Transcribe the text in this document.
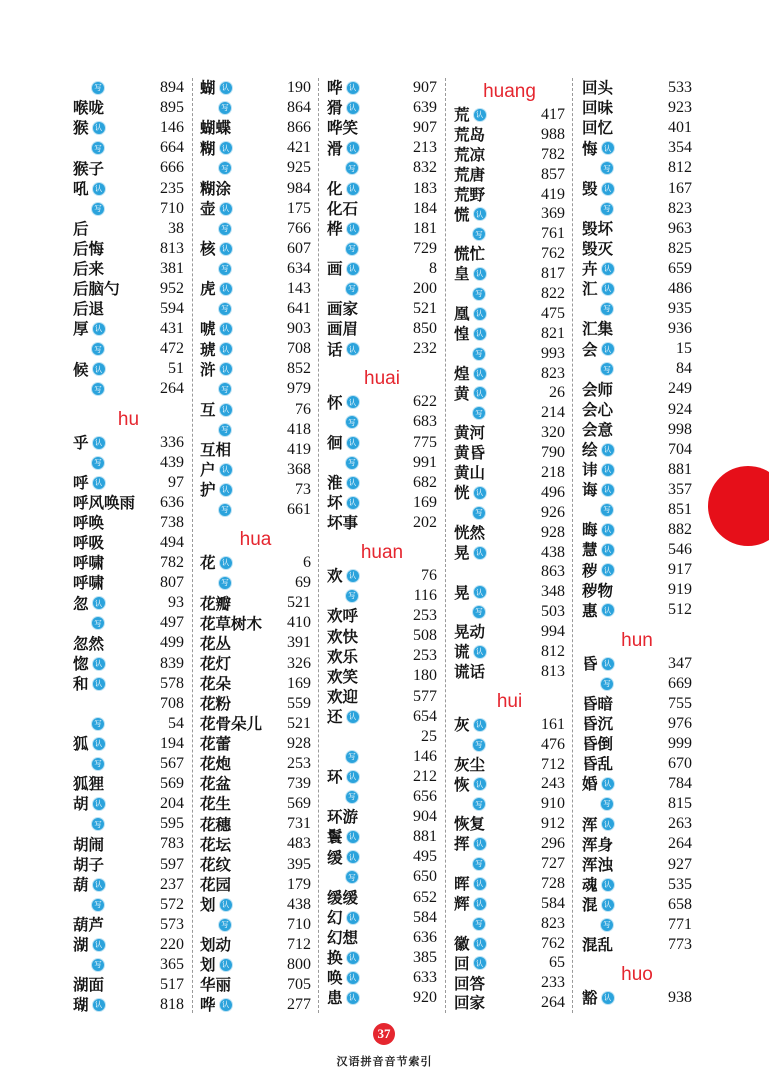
写	894
喉咙	895
猴 认	146
写	664
猴子	666
吼 认	235
写	710
后	38
后悔	813
后来	381
后脑勺	952
后退	594
厚 认	431
写	472
候 认	51
写	264
hu
乎 认	336
写	439
呼 认	97
呼风唤雨 636
呼唤	738
呼吸	494
呼啸	782
呼啸	807
忽 认	93
写	497
忽然	499
惚 认	839
和 认	578
708
写	54
狐 认	194
写	567
狐狸	569
胡 认	204
写	595
胡闹	783
胡子	597
葫 认	237
写	572
葫芦	573
湖 认	220
写	365
湖面	517
瑚 认	818
蝴 认	190
写	864
蝴蝶	866
糊 认	421
写	925
糊涂	984
壶 认	175
写	766
核 认	607
写	634
虎 认	143
写	641
唬 认	903
琥 认	708
浒 认	852
写	979
互 认	76
写	418
互相	419
户 认	368
护 认	73
写	661
hua
花 认	6
写	69
花瓣	521
花草树木 410
花丛	391
花灯	326
花朵	169
花粉	559
花骨朵儿 521
花蕾	928
花炮	253
花盆	739
花生	569
花穗	731
花坛	483
花纹	395
花园	179
划 认	438
写	710
划动	712
划 认	800
华丽	705
哗 认	277
哗 认	907
猾 认	639
哗笑	907
滑 认	213
写	832
化 认	183
化石	184
桦 认	181
写	729
画 认	8
写	200
画家	521
画眉	850
话 认	232
huai
怀 认	622
写	683
徊 认	775
写	991
淮 认	682
坏 认	169
坏事	202
huan
欢 认	76
写	116
欢呼	253
欢快	508
欢乐	253
欢笑	180
欢迎	577
还 认	654
25
写	146
环 认	212
写	656
环游	904
鬟 认	881
缓 认	495
写	650
缓缓	652
幻 认	584
幻想	636
换 认	385
唤 认	633
患 认	920
huang
荒 认	417
荒岛	988
荒凉	782
荒唐	857
荒野	419
慌 认	369
写	761
慌忙	762
皇 认	817
写	822
凰 认	475
惶 认	821
写	993
煌 认	823
黄 认	26
写	214
黄河	320
黄昏	790
黄山	218
恍 认	496
写	926
恍然	928
晃 认	438
863
晃 认	348
写	503
晃动	994
谎 认	812
谎话	813
hui
灰 认	161
写	476
灰尘	712
恢 认	243
写	910
恢复	912
挥 认	296
写	727
晖 认	728
辉 认	584
写	823
徽 认	762
回 认	65
回答	233
回家	264
回头	533
回味	923
回忆	401
悔 认	354
写	812
毁 认	167
写	823
毁坏	963
毁灭	825
卉 认	659
汇 认	486
写	935
汇集	936
会 认	15
写	84
会师	249
会心	924
会意	998
绘 认	704
讳 认	881
诲 认	357
写	851
晦 认	882
慧 认	546
秽 认	917
秽物	919
惠 认	512
hun
昏 认	347
写	669
昏暗	755
昏沉	976
昏倒	999
昏乱	670
婚 认	784
写	815
浑 认	263
浑身	264
浑浊	927
魂 认	535
混 认	658
写	771
混乱	773
huo
豁 认	938
37
汉语拼音音节索引
